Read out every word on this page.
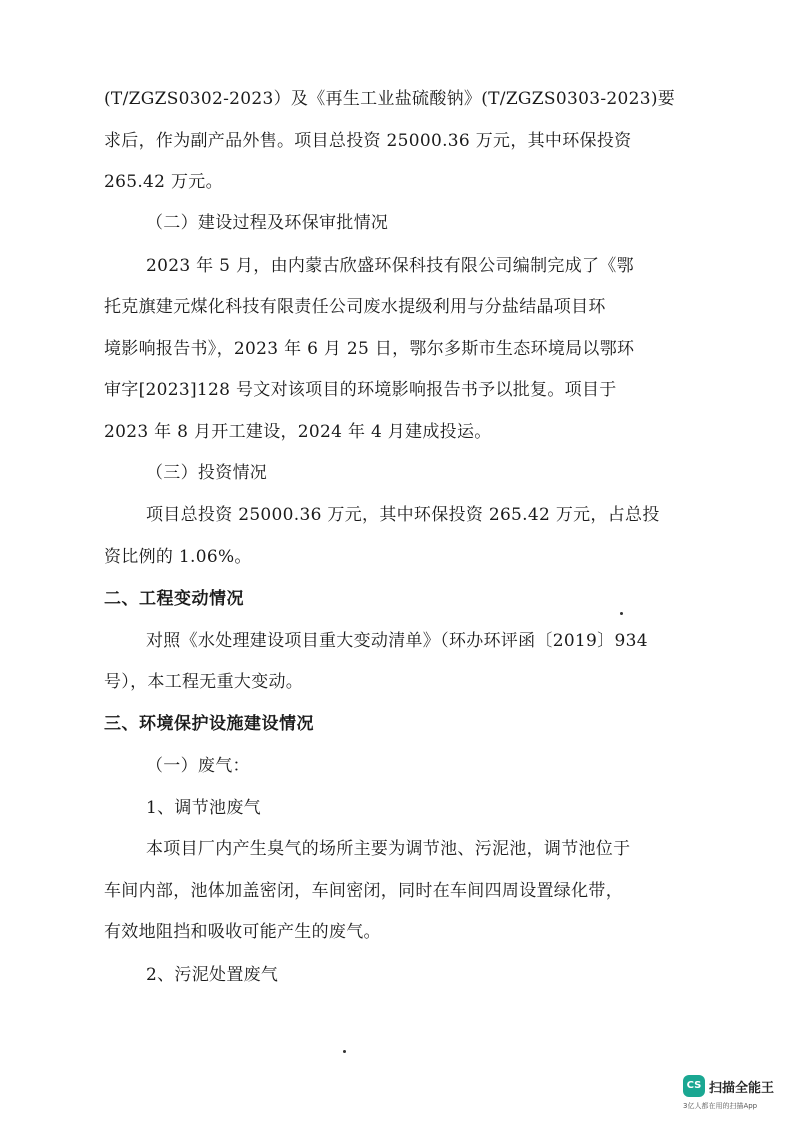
(T/ZGZS0302-2023）及《再生工业盐硫酸钠》(T/ZGZS0303-2023)要
求后，作为副产品外售。项目总投资 25000.36 万元，其中环保投资
265.42 万元。
（二）建设过程及环保审批情况
2023 年 5 月，由内蒙古欣盛环保科技有限公司编制完成了《鄂
托克旗建元煤化科技有限责任公司废水提级利用与分盐结晶项目环
境影响报告书》，2023 年 6 月 25 日，鄂尔多斯市生态环境局以鄂环
审字[2023]128 号文对该项目的环境影响报告书予以批复。项目于
2023 年 8 月开工建设，2024 年 4 月建成投运。
（三）投资情况
项目总投资 25000.36 万元，其中环保投资 265.42 万元，占总投
资比例的 1.06%。
二、工程变动情况
对照《水处理建设项目重大变动清单》（环办环评函〔2019〕934
号），本工程无重大变动。
三、环境保护设施建设情况
（一）废气：
1、调节池废气
本项目厂内产生臭气的场所主要为调节池、污泥池，调节池位于
车间内部，池体加盖密闭，车间密闭，同时在车间四周设置绿化带，
有效地阻挡和吸收可能产生的废气。
2、污泥处置废气
CS 扫描全能王
3亿人都在用的扫描App
